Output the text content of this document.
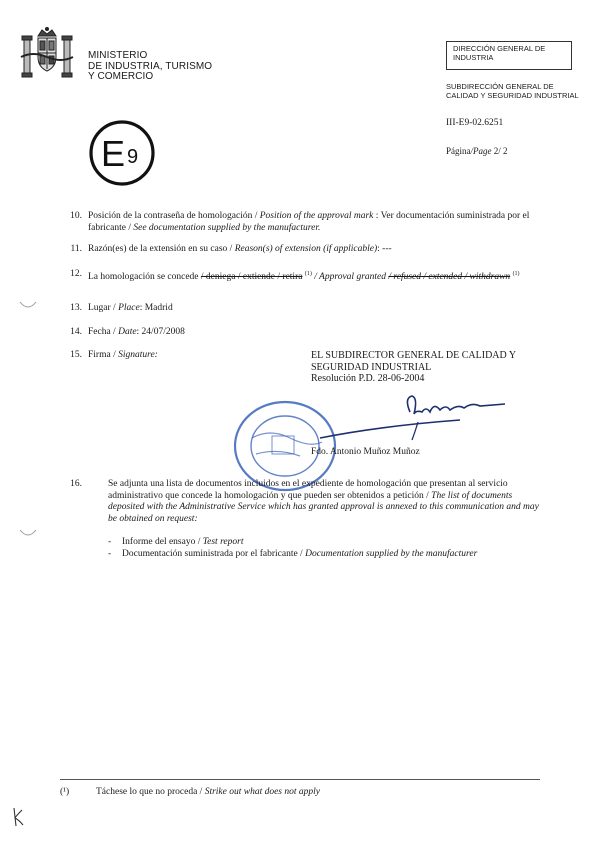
MINISTERIO
DE INDUSTRIA, TURISMO
Y COMERCIO
DIRECCIÓN GENERAL DE INDUSTRIA
SUBDIRECCIÓN GENERAL DE CALIDAD Y SEGURIDAD INDUSTRIAL
III-E9-02.6251
Página/Page 2/ 2
E 9
10. Posición de la contraseña de homologación / Position of the approval mark : Ver documentación suministrada por el fabricante / See documentation supplied by the manufacturer.
11. Razón(es) de la extensión en su caso / Reason(s) of extension (if applicable): ---
12. La homologación se concede / deniega / extiende / retira $^{(1)}$ / Approval granted / refused / extended / withdrawn $^{(1)}$
13. Lugar / Place: Madrid
14. Fecha / Date: 24/07/2008
15. Firma / Signature:	EL SUBDIRECTOR GENERAL DE CALIDAD Y
SEGURIDAD INDUSTRIAL
Resolución P.D. 28-06-2004
Fdo. Antonio Muñoz Muñoz
16.	Se adjunta una lista de documentos incluidos en el expediente de homologación que presentan al servicio administrativo que concede la homologación y que pueden ser obtenidos a petición / The list of documents deposited with the Administrative Service which has granted approval is annexed to this communication and may be obtained on request:
- Informe del ensayo / Test report
- Documentación suministrada por el fabricante / Documentation supplied by the manufacturer
(¹)	Táchese lo que no proceda / Strike out what does not apply
